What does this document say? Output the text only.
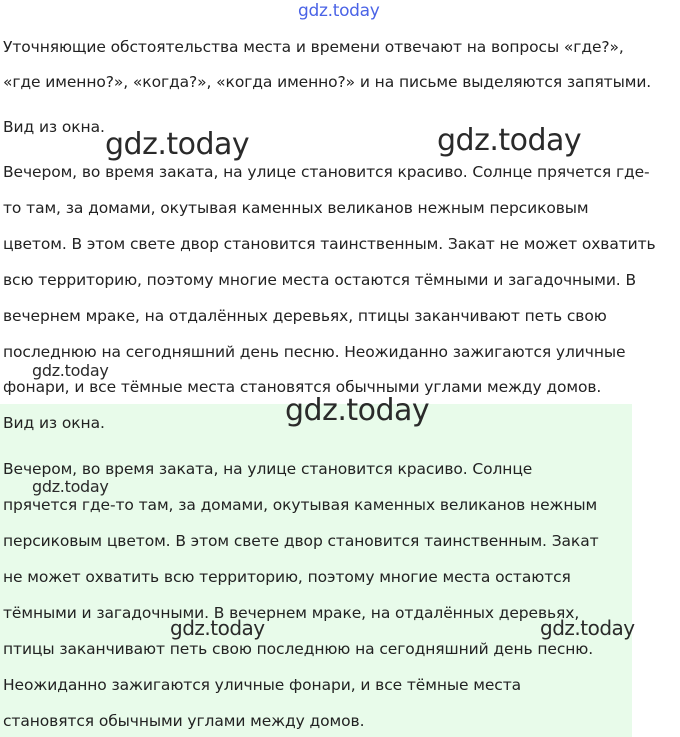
Уточняющие обстоятельства места и времени отвечают на вопросы «где?»,
«где именно?», «когда?», «когда именно?» и на письме выделяются запятыми.
Вид из окна.
Вечером, во время заката, на улице становится красиво. Солнце прячется где-
то там, за домами, окутывая каменных великанов нежным персиковым
цветом. В этом свете двор становится таинственным. Закат не может охватить
всю территорию, поэтому многие места остаются тёмными и загадочными. В
вечернем мраке, на отдалённых деревьях, птицы заканчивают петь свою
последнюю на сегодняшний день песню. Неожиданно зажигаются уличные
фонари, и все тёмные места становятся обычными углами между домов.
Вид из окна.
Вечером, во время заката, на улице становится красиво. Солнце
прячется где-то там, за домами, окутывая каменных великанов нежным
персиковым цветом. В этом свете двор становится таинственным. Закат
не может охватить всю территорию, поэтому многие места остаются
тёмными и загадочными. В вечернем мраке, на отдалённых деревьях,
птицы заканчивают петь свою последнюю на сегодняшний день песню.
Неожиданно зажигаются уличные фонари, и все тёмные места
становятся обычными углами между домов.
gdz.today
gdz.today	gdz.today
gdz.today
gdz.today
gdz.today
gdz.today	gdz.today
